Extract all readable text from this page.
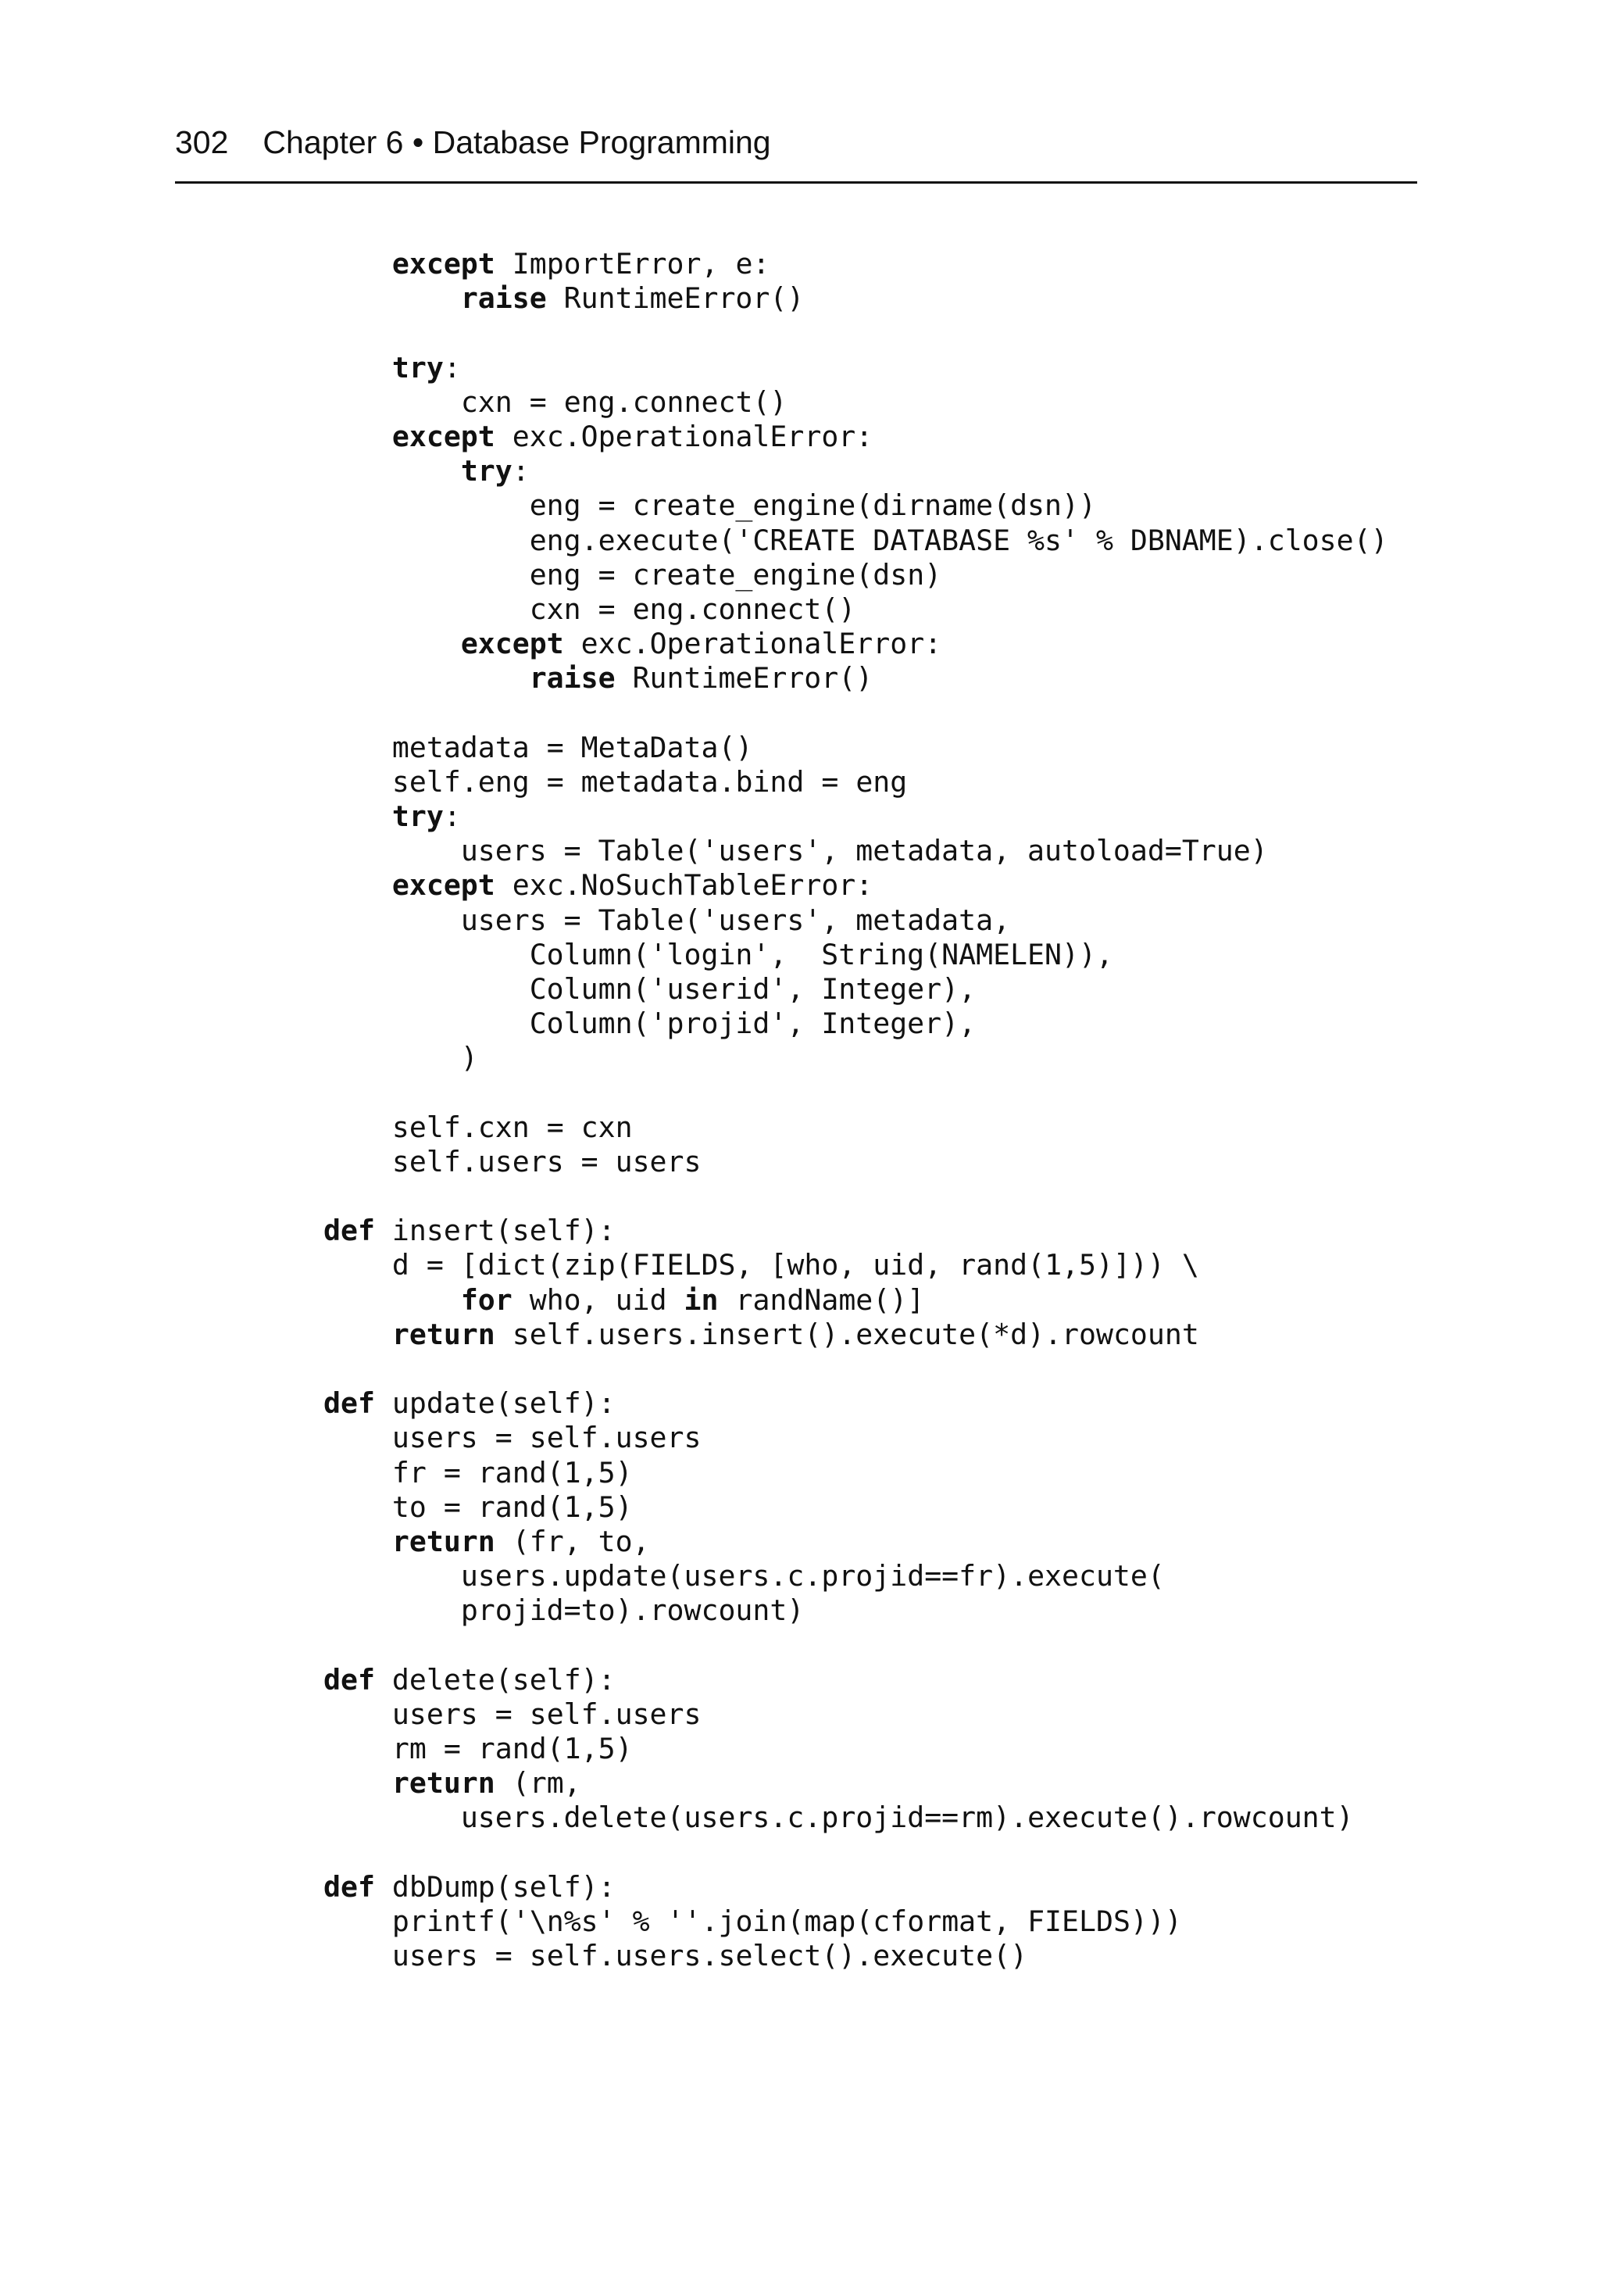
302 Chapter 6 • Database Programming
except ImportError, e:
raise RuntimeError()

try:
cxn = eng.connect()
except exc.OperationalError:
try:
eng = create_engine(dirname(dsn))
eng.execute('CREATE DATABASE %s' % DBNAME).close()
eng = create_engine(dsn)
cxn = eng.connect()
except exc.OperationalError:
raise RuntimeError()

metadata = MetaData()
self.eng = metadata.bind = eng
try:
users = Table('users', metadata, autoload=True)
except exc.NoSuchTableError:
users = Table('users', metadata,
Column('login',  String(NAMELEN)),
Column('userid', Integer),
Column('projid', Integer),
)

self.cxn = cxn
self.users = users

def insert(self):
d = [dict(zip(FIELDS, [who, uid, rand(1,5)])) \
for who, uid in randName()]
return self.users.insert().execute(*d).rowcount

def update(self):
users = self.users
fr = rand(1,5)
to = rand(1,5)
return (fr, to,
users.update(users.c.projid==fr).execute(
projid=to).rowcount)

def delete(self):
users = self.users
rm = rand(1,5)
return (rm,
users.delete(users.c.projid==rm).execute().rowcount)

def dbDump(self):
printf('\n%s' % ''.join(map(cformat, FIELDS)))
users = self.users.select().execute()
